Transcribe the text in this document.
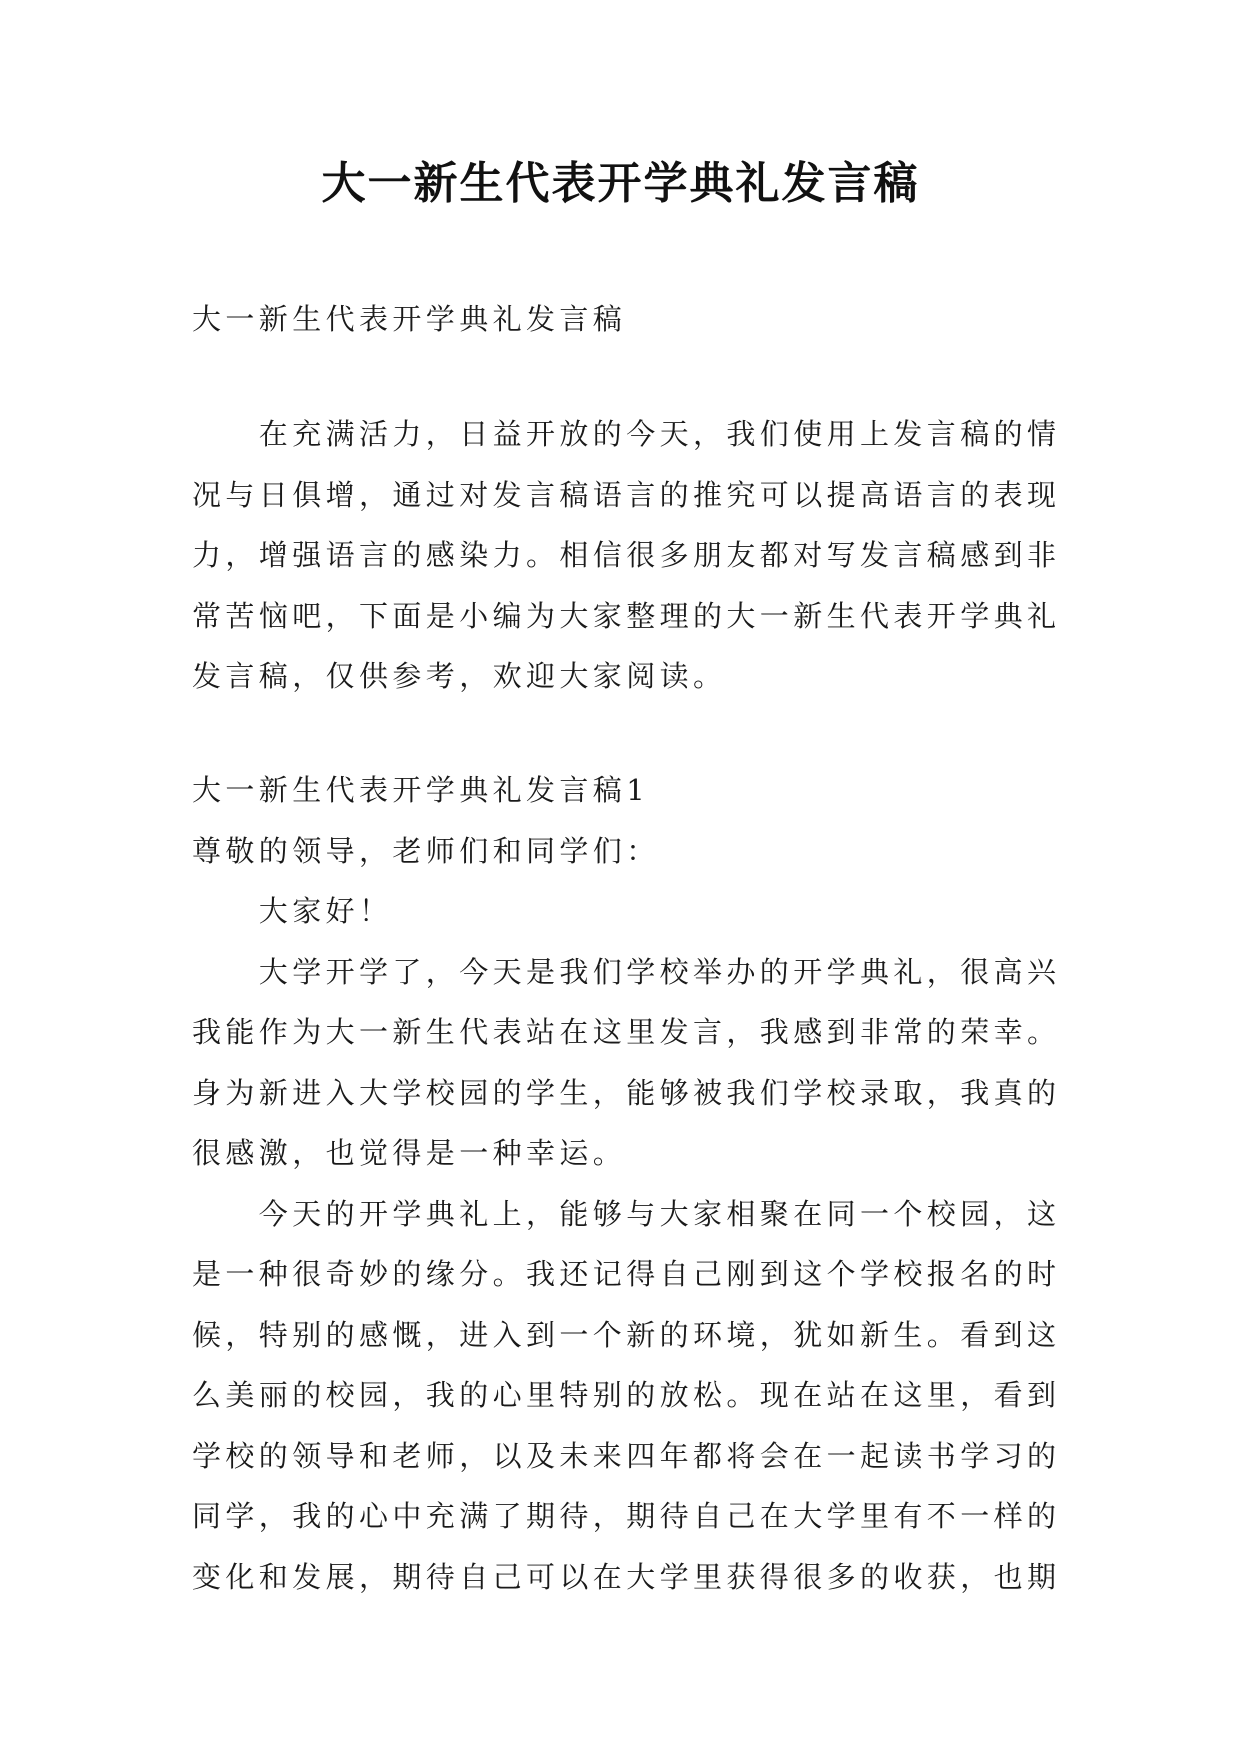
大一新生代表开学典礼发言稿
大一新生代表开学典礼发言稿
在充满活力，日益开放的今天，我们使用上发言稿的情
况与日俱增，通过对发言稿语言的推究可以提高语言的表现
力，增强语言的感染力。相信很多朋友都对写发言稿感到非
常苦恼吧，下面是小编为大家整理的大一新生代表开学典礼
发言稿，仅供参考，欢迎大家阅读。
大一新生代表开学典礼发言稿1
尊敬的领导，老师们和同学们：
大家好！
大学开学了，今天是我们学校举办的开学典礼，很高兴
我能作为大一新生代表站在这里发言，我感到非常的荣幸。
身为新进入大学校园的学生，能够被我们学校录取，我真的
很感激，也觉得是一种幸运。
今天的开学典礼上，能够与大家相聚在同一个校园，这
是一种很奇妙的缘分。我还记得自己刚到这个学校报名的时
候，特别的感慨，进入到一个新的环境，犹如新生。看到这
么美丽的校园，我的心里特别的放松。现在站在这里，看到
学校的领导和老师，以及未来四年都将会在一起读书学习的
同学，我的心中充满了期待，期待自己在大学里有不一样的
变化和发展，期待自己可以在大学里获得很多的收获，也期
